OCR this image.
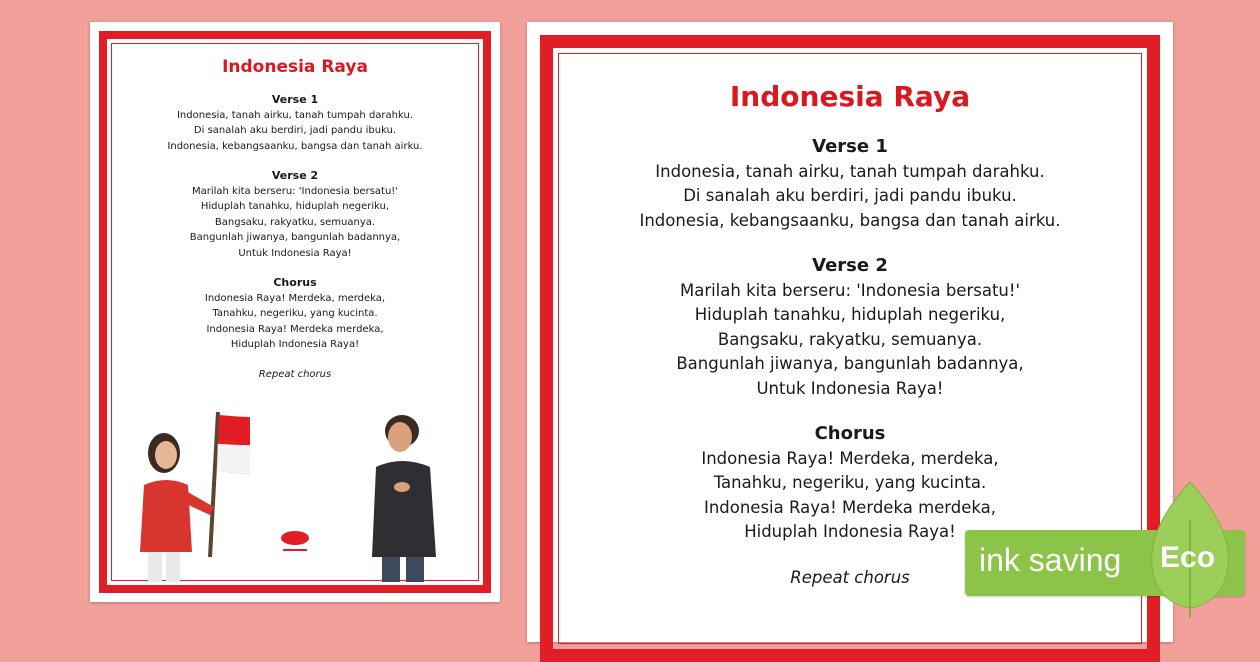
Indonesia Raya
Verse 1
Indonesia, tanah airku, tanah tumpah darahku.
Di sanalah aku berdiri, jadi pandu ibuku.
Indonesia, kebangsaanku, bangsa dan tanah airku.
Verse 2
Marilah kita berseru: 'Indonesia bersatu!'
Hiduplah tanahku, hiduplah negeriku,
Bangsaku, rakyatku, semuanya.
Bangunlah jiwanya, bangunlah badannya,
Untuk Indonesia Raya!
Chorus
Indonesia Raya! Merdeka, merdeka,
Tanahku, negeriku, yang kucinta.
Indonesia Raya! Merdeka merdeka,
Hiduplah Indonesia Raya!
Repeat chorus
Indonesia Raya
Verse 1
Indonesia, tanah airku, tanah tumpah darahku.
Di sanalah aku berdiri, jadi pandu ibuku.
Indonesia, kebangsaanku, bangsa dan tanah airku.
Verse 2
Marilah kita berseru: 'Indonesia bersatu!'
Hiduplah tanahku, hiduplah negeriku,
Bangsaku, rakyatku, semuanya.
Bangunlah jiwanya, bangunlah badannya,
Untuk Indonesia Raya!
Chorus
Indonesia Raya! Merdeka, merdeka,
Tanahku, negeriku, yang kucinta.
Indonesia Raya! Merdeka merdeka,
Hiduplah Indonesia Raya!
Repeat chorus	ink saving Eco
